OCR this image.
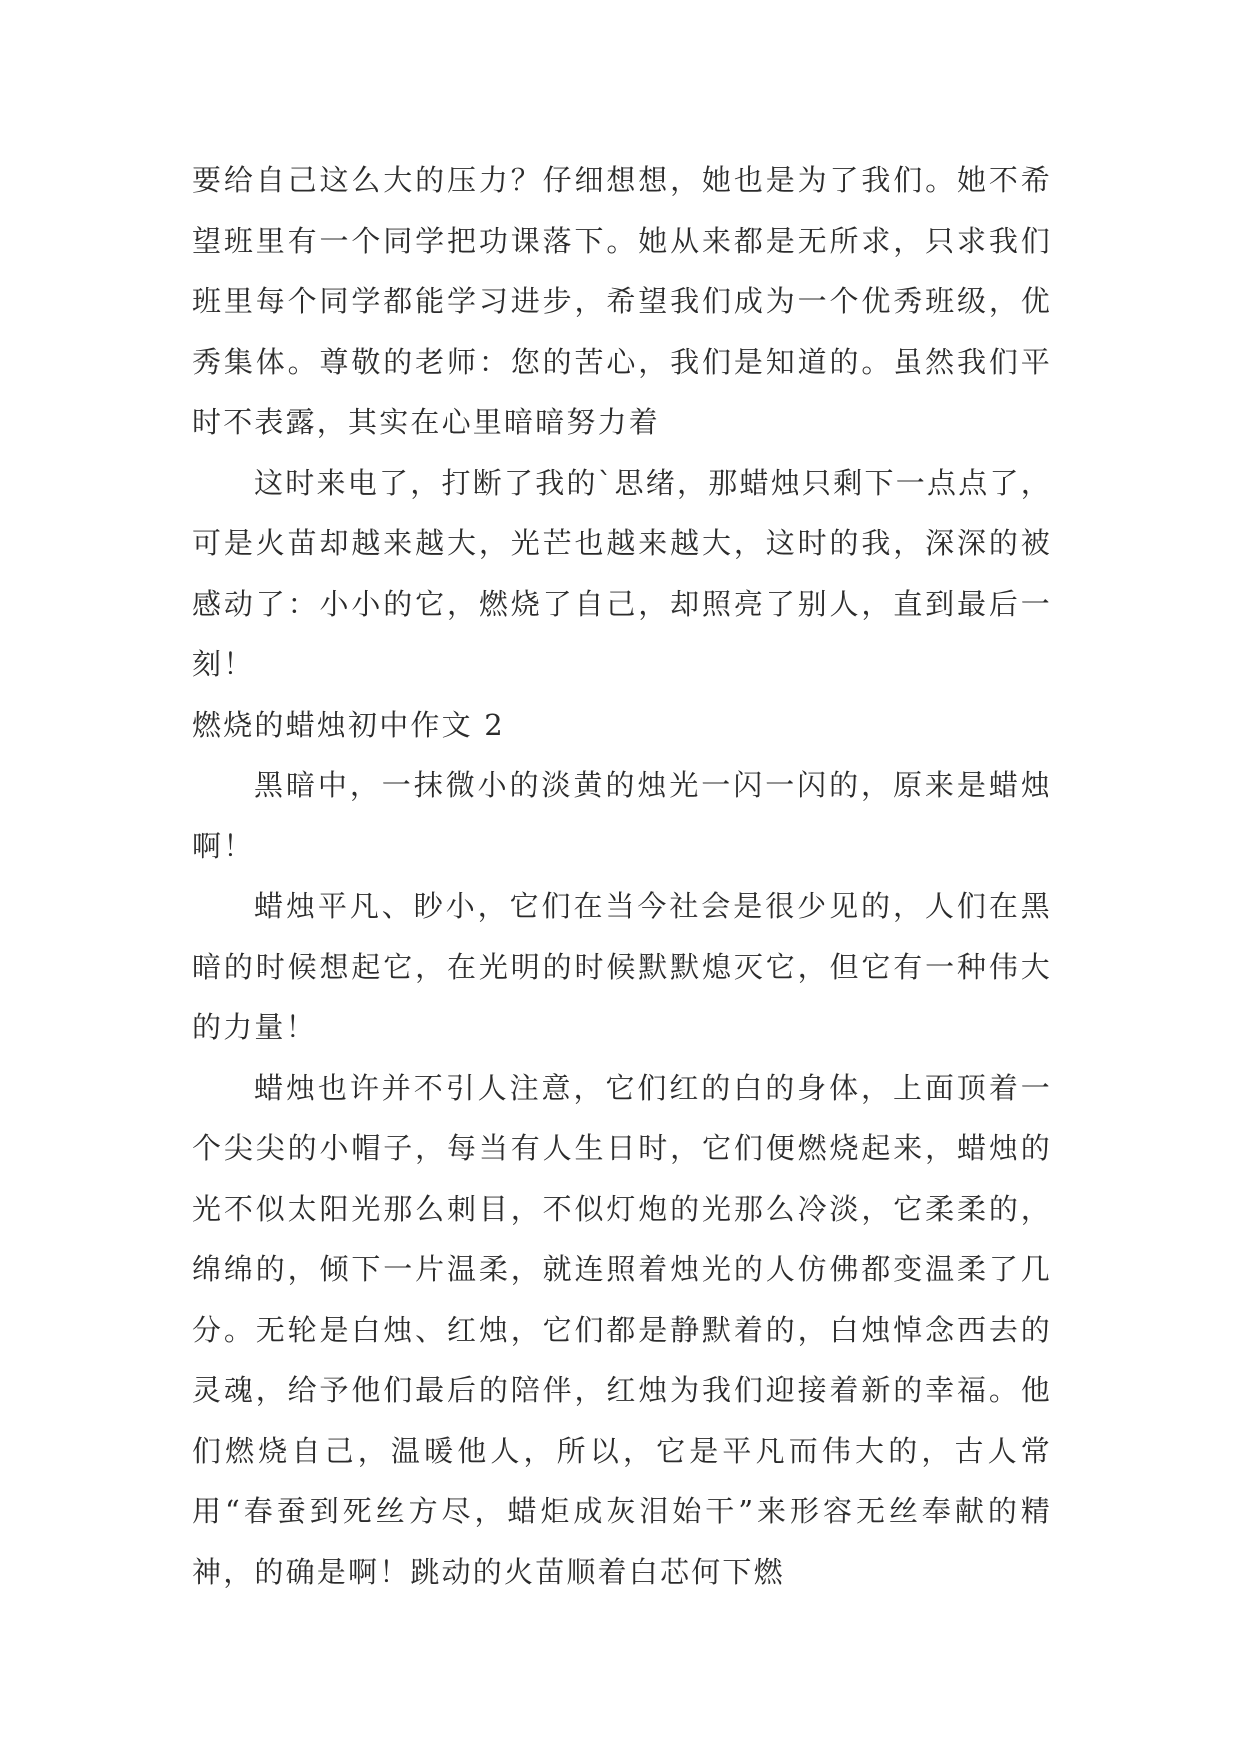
要给自己这么大的压力？仔细想想，她也是为了我们。她不希望班里有一个同学把功课落下。她从来都是无所求，只求我们班里每个同学都能学习进步，希望我们成为一个优秀班级，优秀集体。尊敬的老师：您的苦心，我们是知道的。虽然我们平时不表露，其实在心里暗暗努力着

这时来电了，打断了我的`思绪，那蜡烛只剩下一点点了，可是火苗却越来越大，光芒也越来越大，这时的我，深深的被感动了：小小的它，燃烧了自己，却照亮了别人，直到最后一刻！

燃烧的蜡烛初中作文 2

黑暗中，一抹微小的淡黄的烛光一闪一闪的，原来是蜡烛啊！

蜡烛平凡、眇小，它们在当今社会是很少见的，人们在黑暗的时候想起它，在光明的时候默默熄灭它，但它有一种伟大的力量！

蜡烛也许并不引人注意，它们红的白的身体，上面顶着一个尖尖的小帽子，每当有人生日时，它们便燃烧起来，蜡烛的光不似太阳光那么刺目，不似灯炮的光那么冷淡，它柔柔的，绵绵的，倾下一片温柔，就连照着烛光的人仿佛都变温柔了几分。无轮是白烛、红烛，它们都是静默着的，白烛悼念西去的灵魂，给予他们最后的陪伴，红烛为我们迎接着新的幸福。他们燃烧自己，温暖他人，所以，它是平凡而伟大的，古人常用“春蚕到死丝方尽，蜡炬成灰泪始干”来形容无丝奉献的精神，的确是啊！跳动的火苗顺着白芯何下燃
